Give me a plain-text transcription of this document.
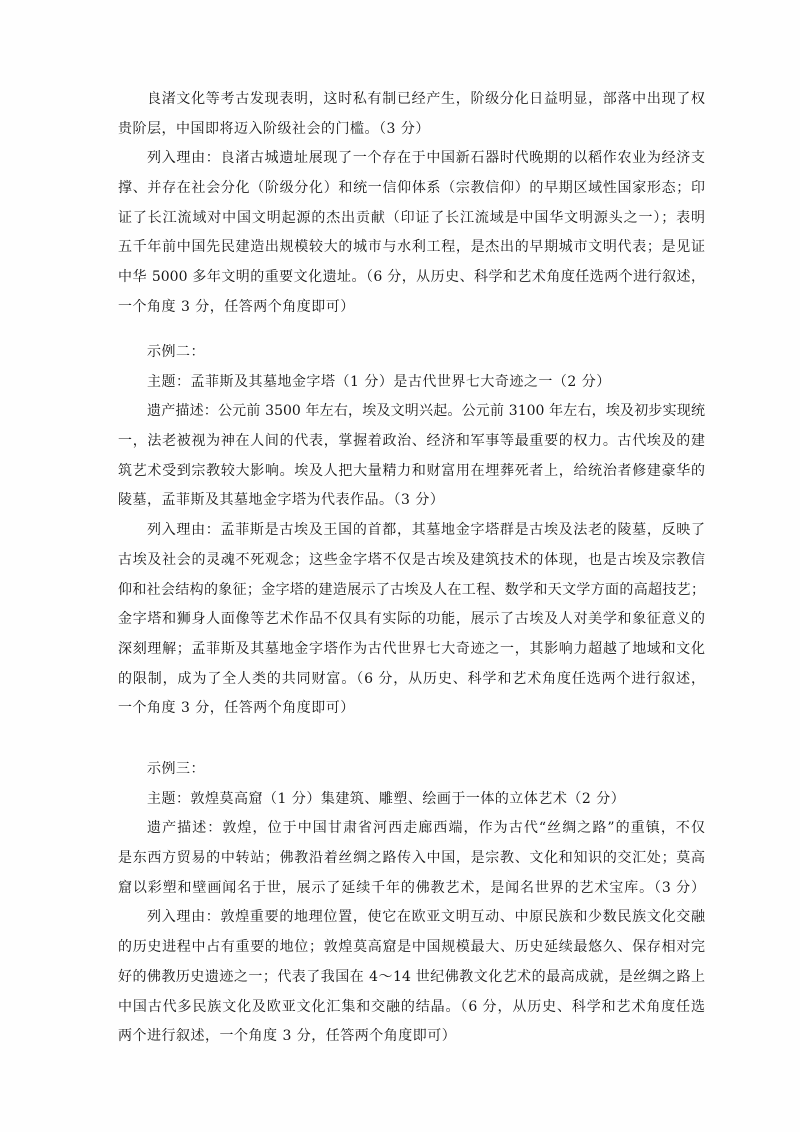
良渚文化等考古发现表明，这时私有制已经产生，阶级分化日益明显，部落中出现了权
贵阶层，中国即将迈入阶级社会的门槛。（3 分）
列入理由：良渚古城遗址展现了一个存在于中国新石器时代晚期的以稻作农业为经济支
撑、并存在社会分化（阶级分化）和统一信仰体系（宗教信仰）的早期区域性国家形态；印
证了长江流域对中国文明起源的杰出贡献（印证了长江流域是中国华文明源头之一）；表明
五千年前中国先民建造出规模较大的城市与水利工程，是杰出的早期城市文明代表；是见证
中华 5000 多年文明的重要文化遗址。（6 分，从历史、科学和艺术角度任选两个进行叙述，
一个角度 3 分，任答两个角度即可）
示例二：
主题：孟菲斯及其墓地金字塔（1 分）是古代世界七大奇迹之一（2 分）
遗产描述：公元前 3500 年左右，埃及文明兴起。公元前 3100 年左右，埃及初步实现统
一，法老被视为神在人间的代表，掌握着政治、经济和军事等最重要的权力。古代埃及的建
筑艺术受到宗教较大影响。埃及人把大量精力和财富用在埋葬死者上，给统治者修建豪华的
陵墓，孟菲斯及其墓地金字塔为代表作品。（3 分）
列入理由：孟菲斯是古埃及王国的首都，其墓地金字塔群是古埃及法老的陵墓，反映了
古埃及社会的灵魂不死观念；这些金字塔不仅是古埃及建筑技术的体现，也是古埃及宗教信
仰和社会结构的象征；金字塔的建造展示了古埃及人在工程、数学和天文学方面的高超技艺；
金字塔和狮身人面像等艺术作品不仅具有实际的功能，展示了古埃及人对美学和象征意义的
深刻理解；孟菲斯及其墓地金字塔作为古代世界七大奇迹之一，其影响力超越了地域和文化
的限制，成为了全人类的共同财富。（6 分，从历史、科学和艺术角度任选两个进行叙述，
一个角度 3 分，任答两个角度即可）
示例三：
主题：敦煌莫高窟（1 分）集建筑、雕塑、绘画于一体的立体艺术（2 分）
遗产描述：敦煌，位于中国甘肃省河西走廊西端，作为古代“丝绸之路”的重镇，不仅
是东西方贸易的中转站；佛教沿着丝绸之路传入中国，是宗教、文化和知识的交汇处；莫高
窟以彩塑和壁画闻名于世，展示了延续千年的佛教艺术，是闻名世界的艺术宝库。（3 分）
列入理由：敦煌重要的地理位置，使它在欧亚文明互动、中原民族和少数民族文化交融
的历史进程中占有重要的地位；敦煌莫高窟是中国规模最大、历史延续最悠久、保存相对完
好的佛教历史遗迹之一；代表了我国在 4～14 世纪佛教文化艺术的最高成就，是丝绸之路上
中国古代多民族文化及欧亚文化汇集和交融的结晶。（6 分，从历史、科学和艺术角度任选
两个进行叙述，一个角度 3 分，任答两个角度即可）
